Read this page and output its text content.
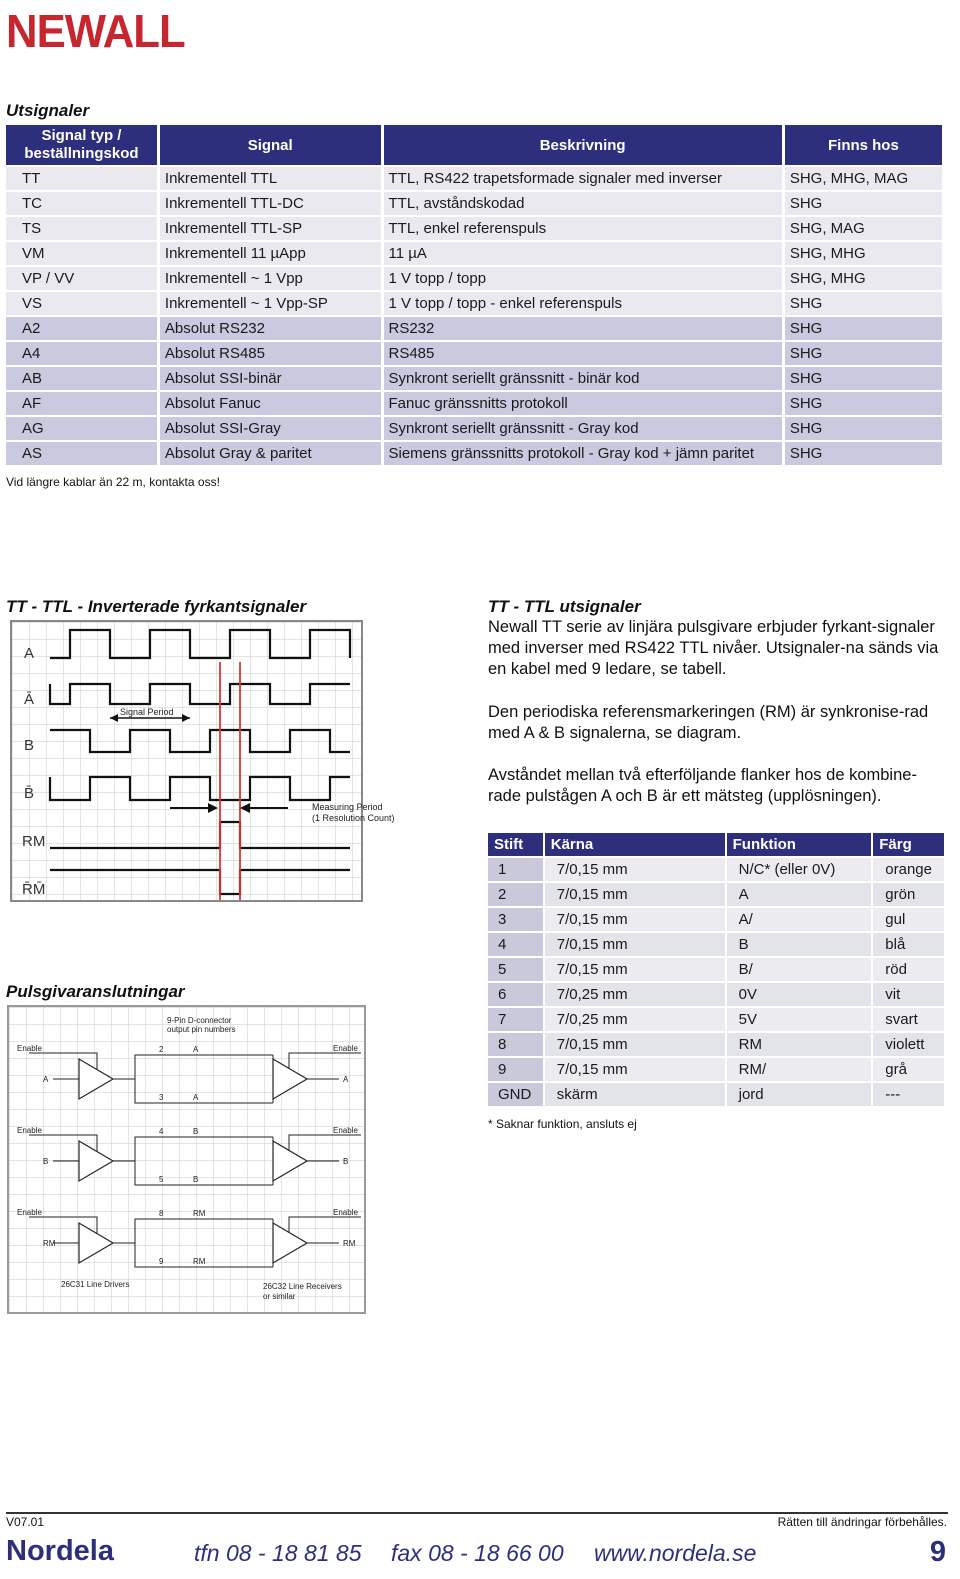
NEWALL
Utsignaler
Signal typ / beställningskod	Signal	Beskrivning	Finns hos
TT	Inkrementell TTL	TTL, RS422 trapetsformade signaler med inverser	SHG, MHG, MAG
TC	Inkrementell TTL-DC	TTL, avståndskodad	SHG
TS	Inkrementell TTL-SP	TTL, enkel referenspuls	SHG, MAG
VM	Inkrementell 11 µApp	11 µA	SHG, MHG
VP / VV	Inkrementell ~ 1 Vpp	1 V topp / topp	SHG, MHG
VS	Inkrementell ~ 1 Vpp-SP	1 V topp / topp - enkel referenspuls	SHG
A2	Absolut RS232	RS232	SHG
A4	Absolut RS485	RS485	SHG
AB	Absolut SSI-binär	Synkront seriellt gränssnitt - binär kod	SHG
AF	Absolut Fanuc	Fanuc gränssnitts protokoll	SHG
AG	Absolut SSI-Gray	Synkront seriellt gränssnitt - Gray kod	SHG
AS	Absolut Gray & paritet	Siemens gränssnitts protokoll - Gray kod + jämn paritet	SHG
Vid längre kablar än 22 m, kontakta oss!
TT - TTL - Inverterade fyrkantsignaler
A
Ā
B
B̄
RM
R̄M̄
Signal Period
Measuring Period
(1 Resolution Count)
Pulsgivaranslutningar
9-Pin D-connector
output pin numbers
26C31 Line Drivers	26C32 Line Receivers
or similar
Enable	Enable
A	A
2	A
3	A
Enable	Enable
B	B
4	B
5	B
Enable	Enable
RM	RM
8	RM
9	RM
TT - TTL utsignaler
Newall TT serie av linjära pulsgivare erbjuder fyrkant-signaler med inverser med RS422 TTL nivåer. Utsignaler-na sänds via en kabel med 9 ledare, se tabell.
Den periodiska referensmarkeringen (RM) är synkronise-rad med A & B signalerna, se diagram.
Avståndet mellan två efterföljande flanker hos de kombine-rade pulstågen A och B är ett mätsteg (upplösningen).
Stift	Kärna	Funktion	Färg
1	7/0,15 mm	N/C* (eller 0V)	orange
2	7/0,15 mm	A	grön
3	7/0,15 mm	A/	gul
4	7/0,15 mm	B	blå
5	7/0,15 mm	B/	röd
6	7/0,25 mm	0V	vit
7	7/0,25 mm	5V	svart
8	7/0,15 mm	RM	violett
9	7/0,15 mm	RM/	grå
GND	skärm	jord	---
* Saknar funktion, ansluts ej
V07.01	Rätten till ändringar förbehålles.
Nordela	tfn 08 - 18 81 85 fax 08 - 18 66 00 www.nordela.se	9
